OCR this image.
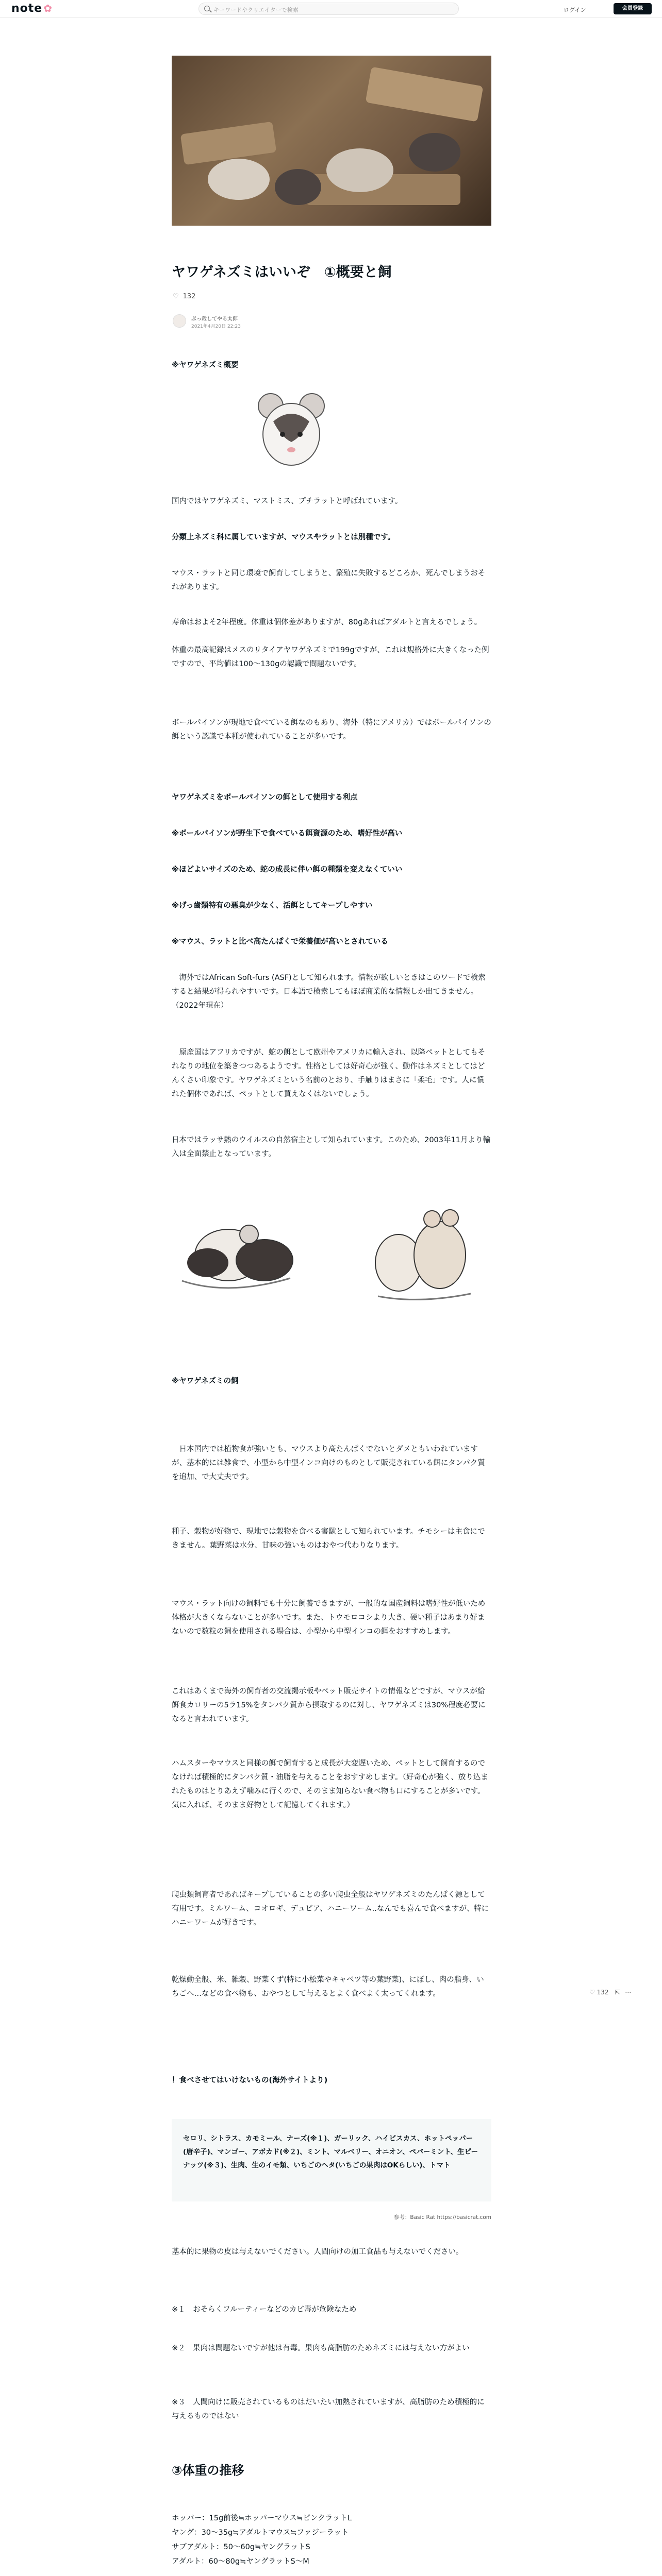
note ✿	キーワードやクリエイターで検索	ログイン	会員登録
ヤワゲネズミはいいぞ　①概要と飼
♡ 132
ぷっ殺してやる太郎
2021年4月20日 22:23
※ヤワゲネズミ概要
国内ではヤワゲネズミ、マストミス、プチラットと呼ばれています。
分類上ネズミ科に属していますが、マウスやラットとは別種です。
マウス・ラットと同じ環境で飼育してしまうと、繁殖に失敗するどころか、死んでしまうおそれがあります。
寿命はおよそ2年程度。体重は個体差がありますが、80gあればアダルトと言えるでしょう。
体重の最高記録はメスのリタイアヤワゲネズミで199gですが、これは規格外に大きくなった例ですので、平均値は100〜130gの認識で問題ないです。
ボールパイソンが現地で食べている餌なのもあり、海外（特にアメリカ）ではボールパイソンの餌という認識で本種が使われていることが多いです。
ヤワゲネズミをボールパイソンの餌として使用する利点
※ボールパイソンが野生下で食べている餌資源のため、嗜好性が高い
※ほどよいサイズのため、蛇の成長に伴い餌の種類を変えなくていい
※げっ歯類特有の悪臭が少なく、活餌としてキープしやすい
※マウス、ラットと比べ高たんぱくで栄養価が高いとされている
　海外ではAfrican Soft-furs (ASF)として知られます。情報が欲しいときはこのワードで検索すると結果が得られやすいです。日本語で検索してもほぼ商業的な情報しか出てきません。（2022年現在）
　原産国はアフリカですが、蛇の餌として欧州やアメリカに輸入され、以降ペットとしてもそれなりの地位を築きつつあるようです。性格としては好奇心が強く、動作はネズミとしてはどんくさい印象です。ヤワゲネズミという名前のとおり、手触りはまさに「柔毛」です。人に慣れた個体であれば、ペットとして買えなくはないでしょう。
日本ではラッサ熱のウイルスの自然宿主として知られています。このため、2003年11月より輸入は全面禁止となっています。
※ヤワゲネズミの飼
　日本国内では植物食が強いとも、マウスより高たんぱくでないとダメともいわれていますが、基本的には雑食で、小型から中型インコ向けのものとして販売されている餌にタンパク質を追加、で大丈夫です。
種子、穀物が好物で、現地では穀物を食べる害獣として知られています。チモシーは主食にできません。葉野菜は水分、甘味の強いものはおやつ代わりなります。
マウス・ラット向けの飼料でも十分に飼養できますが、一般的な国産飼料は嗜好性が低いため体格が大きくならないことが多いです。また、トウモロコシより大き、硬い種子はあまり好まないので数粒の飼を使用される場合は、小型から中型インコの餌をおすすめします。
これはあくまで海外の飼育者の交流掲示板やペット販売サイトの情報などですが、マウスが給餌食カロリーの5ラ15%をタンパク質から摂取するのに対し、ヤワゲネズミは30%程度必要になると言われています。
ハムスターやマウスと同様の餌で飼育すると成長が大変遅いため、ペットとして飼育するのでなければ積極的にタンパク質・油脂を与えることをおすすめします。（好奇心が強く、放り込まれたものはとりあえず噛みに行くので、そのまま知らない食べ物も口にすることが多いです。気に入れば、そのまま好物として記憶してくれます。）
爬虫類飼育者であればキープしていることの多い爬虫全般はヤワゲネズミのたんぱく源として有用です。ミルワーム、コオロギ、デュビア、ハニーワーム..なんでも喜んで食べますが、特にハニーワームが好きです。
乾燥動全般、米、雑穀、野菜くず(特に小松菜やキャベツ等の葉野菜)、にぼし、肉の脂身、いちごヘ…などの食べ物も、おやつとして与えるとよく食べよく太ってくれます。
！食べさせてはいけないもの(海外サイトより)
セロリ、シトラス、カモミール、ナーズ(※１)、ガーリック、ハイビスカス、ホットペッパー(唐辛子)、マンゴー、アボカド(※２)、ミント、マルベリー、オニオン、ペパーミント、生ピーナッツ(※３)、生肉、生のイモ類、いちごのヘタ(いちごの果肉はOKらしい)、トマト
参考：Basic Rat https://basicrat.com
基本的に果物の皮は与えないでください。人間向けの加工食品も与えないでください。
※１　おそらくフルーティーなどのカビ毒が危険なため
※２　果肉は問題ないですが他は有毒。果肉も高脂肪のためネズミには与えない方がよい
※３　人間向けに販売されているものはだいたい加熱されていますが、高脂肪のため積極的に与えるものではない
③体重の推移
ホッパー：15g前後≒ホッパーマウス≒ピンクラットL
ヤング：30〜35g≒アダルトマウス≒ファジーラット
サブアダルト：50〜60g≒ヤングラットS
アダルト：60〜80g≒ヤングラットS〜M

♡ 132 ⇱ ⋯
